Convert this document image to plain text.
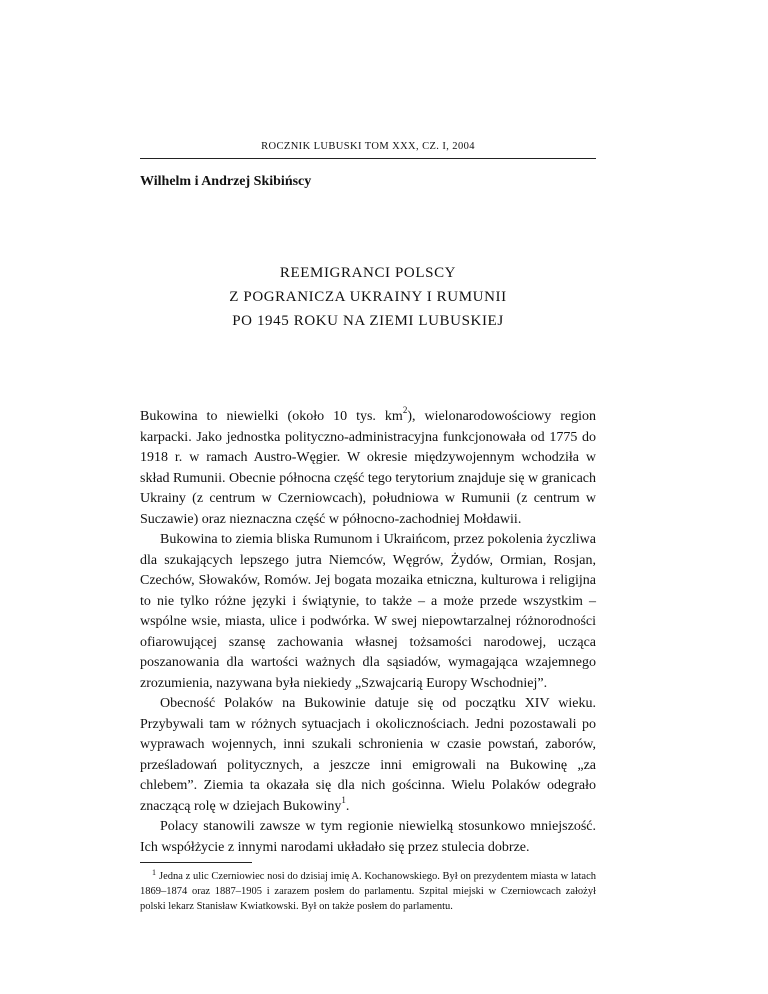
ROCZNIK LUBUSKI TOM XXX, CZ. I, 2004
Wilhelm i Andrzej Skibińscy
REEMIGRANCI POLSCY
Z POGRANICZA UKRAINY I RUMUNII
PO 1945 ROKU NA ZIEMI LUBUSKIEJ

Bukowina to niewielki (około 10 tys. $km^2$), wielonarodowościowy region karpacki. Jako jednostka polityczno-administracyjna funkcjonowała od 1775 do 1918 r. w ramach Austro-Węgier. W okresie międzywojennym wchodziła w skład Rumunii. Obecnie północna część tego terytorium znajduje się w granicach Ukrainy (z centrum w Czerniowcach), południowa w Rumunii (z centrum w Suczawie) oraz nieznaczna część w północno-zachodniej Mołdawii.

Bukowina to ziemia bliska Rumunom i Ukraińcom, przez pokolenia życzliwa dla szukających lepszego jutra Niemców, Węgrów, Żydów, Ormian, Rosjan, Czechów, Słowaków, Romów. Jej bogata mozaika etniczna, kulturowa i religijna to nie tylko różne języki i świątynie, to także – a może przede wszystkim – wspólne wsie, miasta, ulice i podwórka. W swej niepowtarzalnej różnorodności ofiarowującej szansę zachowania własnej tożsamości narodowej, ucząca poszanowania dla wartości ważnych dla sąsiadów, wymagająca wzajemnego zrozumienia, nazywana była niekiedy „Szwajcarią Europy Wschodniej”.

Obecność Polaków na Bukowinie datuje się od początku XIV wieku. Przybywali tam w różnych sytuacjach i okolicznościach. Jedni pozostawali po wyprawach wojennych, inni szukali schronienia w czasie powstań, zaborów, prześladowań politycznych, a jeszcze inni emigrowali na Bukowinę „za chlebem”. Ziemia ta okazała się dla nich gościnna. Wielu Polaków odegrało znaczącą rolę w dziejach Bukowiny$^1$.

Polacy stanowili zawsze w tym regionie niewielką stosunkowo mniejszość. Ich współżycie z innymi narodami układało się przez stulecia dobrze.

$^1$ Jedna z ulic Czerniowiec nosi do dzisiaj imię A. Kochanowskiego. Był on prezydentem miasta w latach 1869–1874 oraz 1887–1905 i zarazem posłem do parlamentu. Szpital miejski w Czerniowcach założył polski lekarz Stanisław Kwiatkowski. Był on także posłem do parlamentu.
